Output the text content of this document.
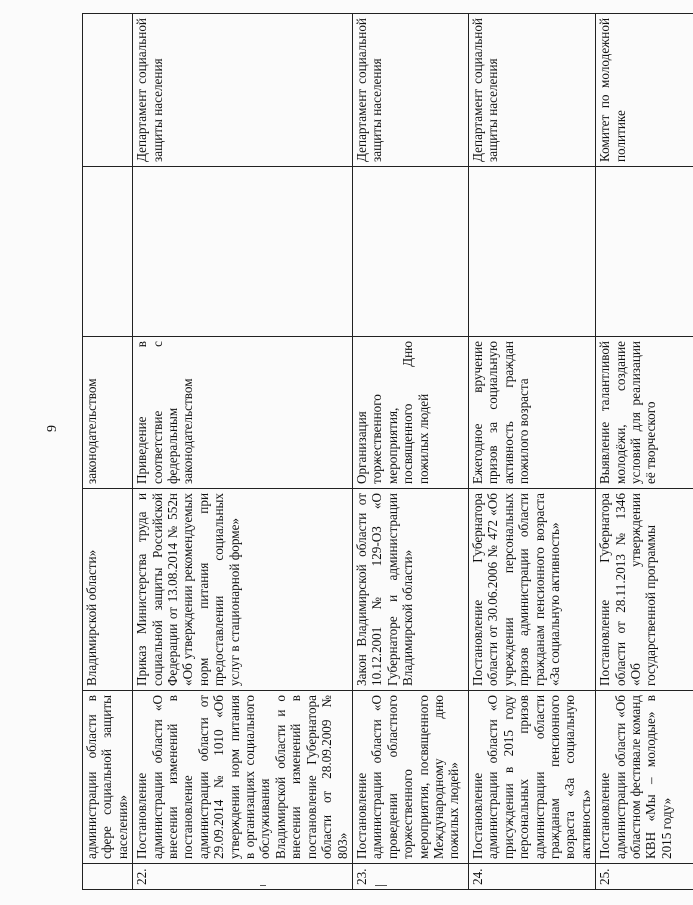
9
	администрации области в сфере социальной защиты населения»	Владимирской области»	законодательством		
22.	Постановление администрации области «О внесении изменений в постановление администрации области от 29.09.2014 № 1010 «Об утверждении норм питания в организациях социального обслуживания Владимирской области и о внесении изменений в постановление Губернатора области от 28.09.2009 № 803»	Приказ Министерства труда и социальной защиты Российской Федерации от 13.08.2014 № 552н «Об утверждении рекомендуемых норм питания при предоставлении социальных услуг в стационарной форме»	Приведение в соответствие с федеральным законодательством		Департамент социальной защиты населения
23.	Постановление администрации области «О проведении областного торжественного мероприятия, посвященного Международному дню пожилых людей»	Закон Владимирской области от 10.12.2001 № 129-ОЗ «О Губернаторе и администрации Владимирской области»	Организация торжественного мероприятия, посвященного Дню пожилых людей		Департамент социальной защиты населения
24.	Постановление администрации области «О присуждении в 2015 году персональных призов администрации области гражданам пенсионного возраста «За социальную активность»	Постановление Губернатора области от 30.06.2006 № 472 «Об учреждении персональных призов администрации области гражданам пенсионного возраста «За социальную активность»	Ежегодное вручение призов за социальную активность граждан пожилого возраста		Департамент социальной защиты населения
25.	Постановление администрации области «Об областном фестивале команд КВН «Мы – молодые» в 2015 году»	Постановление Губернатора области от 28.11.2013 № 1346 «Об утверждении государственной программы	Выявление талантливой молодёжи, создание условий для реализации её творческого		Комитет по молодежной политике
